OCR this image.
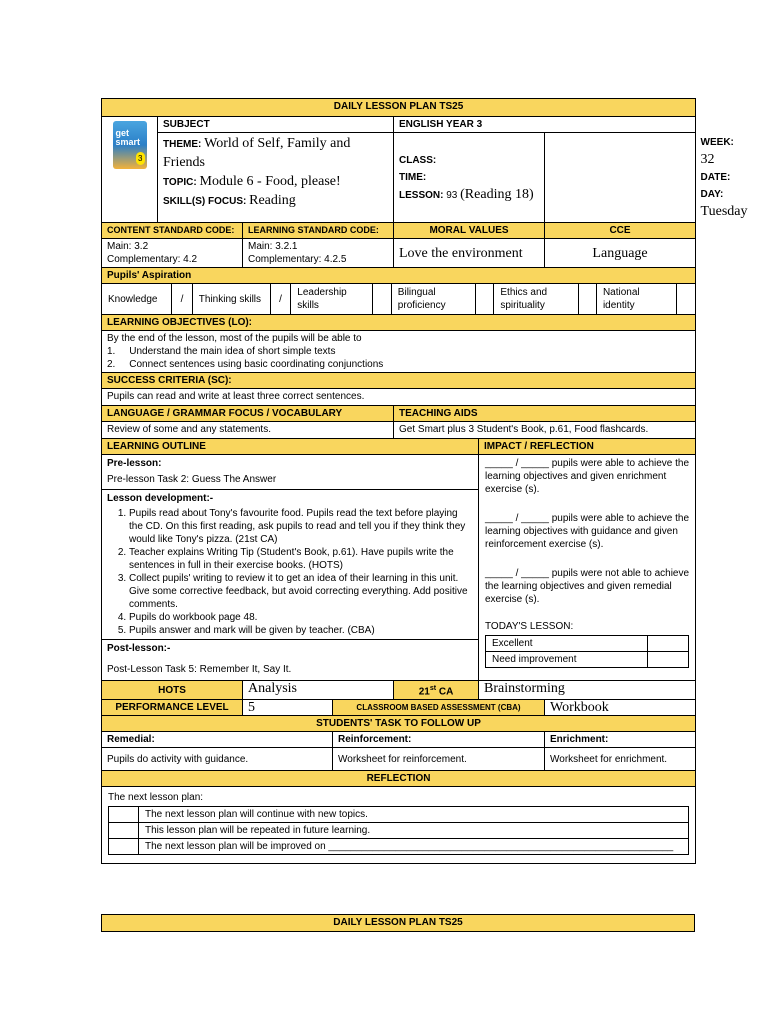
DAILY LESSON PLAN TS25

get smart
3
	SUBJECT	ENGLISH YEAR 3

THEME: World of Self, Family and Friends
TOPIC: Module 6 - Food, please!
SKILL(S) FOCUS: Reading

CLASS:
TIME:
LESSON: 93 (Reading 18)

WEEK: 32
DATE:
DAY: Tuesday

CONTENT STANDARD CODE:	LEARNING STANDARD CODE:	MORAL VALUES	CCE

Main: 3.2
Complementary: 4.2

Main: 3.2.1
Complementary: 4.2.5	Love the environment	Language
Pupils' Aspiration

Knowledge	/	Thinking skills	/	Leadership skills		Bilingual proficiency		Ethics and spirituality		National identity	

LEARNING OBJECTIVES (LO):

By the end of the lesson, most of the pupils will be able to
1.     Understand the main idea of short simple texts
2.     Connect sentences using basic coordinating conjunctions

SUCCESS CRITERIA (SC):
Pupils can read and write at least three correct sentences.
LANGUAGE / GRAMMAR FOCUS / VOCABULARY	TEACHING AIDS
Review of some and any statements.	Get Smart plus 3 Student's Book, p.61, Food flashcards.
LEARNING OUTLINE	IMPACT / REFLECTION

Pre-lesson:
Pre-lesson Task 2: Guess The Answer
Lesson development:-
1. Pupils read about Tony's favourite food. Pupils read the text before playing the CD. On this first reading, ask pupils to read and tell you if they think they would like Tony's pizza. (21st CA)
2. Teacher explains Writing Tip (Student's Book, p.61). Have pupils write the sentences in full in their exercise books. (HOTS)
3. Collect pupils' writing to review it to get an idea of their learning in this unit. Give some corrective feedback, but avoid correcting everything. Add positive comments.
4. Pupils do workbook page 48.
5. Pupils answer and mark will be given by teacher. (CBA)
Post-lesson:-
Post-Lesson Task 5: Remember It, Say It.

_____ / _____ pupils were able to achieve the learning objectives and given enrichment exercise (s).
_____ / _____ pupils were able to achieve the learning objectives with guidance and given reinforcement exercise (s).
_____ / _____ pupils were not able to achieve the learning objectives and given remedial exercise (s).
TODAY'S LESSON:
Excellent	
Need improvement	

HOTS	Analysis	21st CA	Brainstorming
PERFORMANCE LEVEL	5	CLASSROOM BASED ASSESSMENT (CBA)	Workbook
STUDENTS' TASK TO FOLLOW UP
Remedial:	Reinforcement:	Enrichment:
Pupils do activity with guidance.	Worksheet for reinforcement.	Worksheet for enrichment.
REFLECTION

The next lesson plan:
	The next lesson plan will continue with new topics.
	This lesson plan will be repeated in future learning.
	The next lesson plan will be improved on ______________________________________________________________
DAILY LESSON PLAN TS25
